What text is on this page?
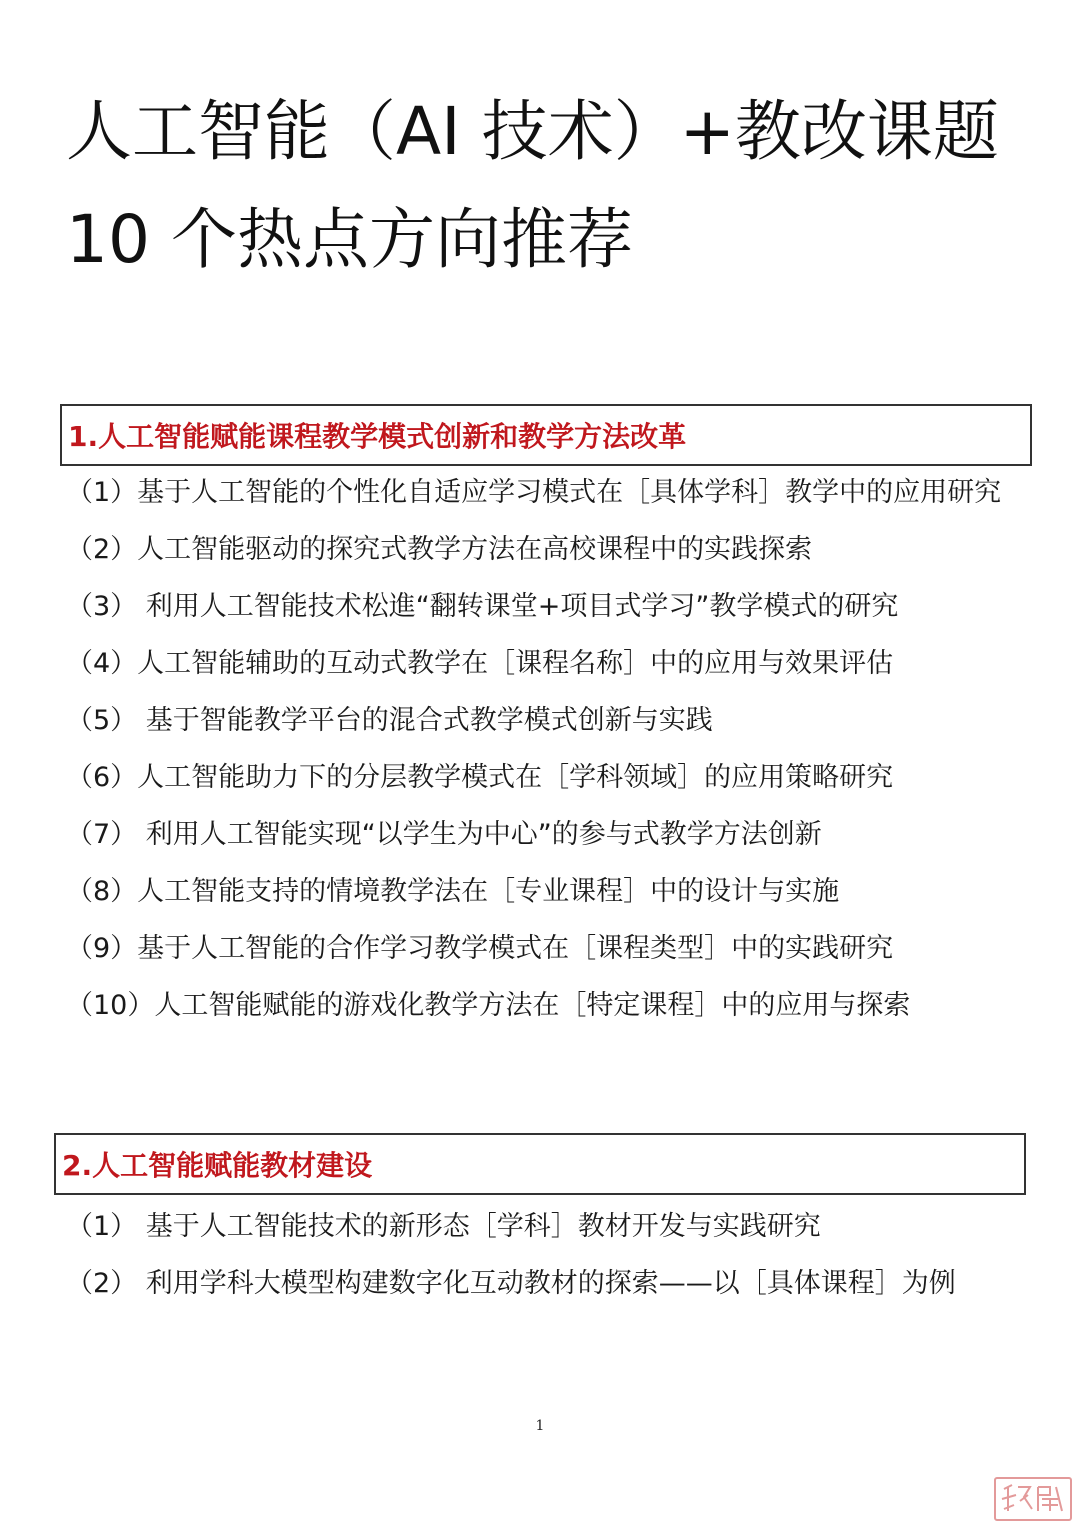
人工智能（AI 技术）+教改课题
10 个热点方向推荐
1.人工智能赋能课程教学模式创新和教学方法改革
（1）基于人工智能的个性化自适应学习模式在［具体学科］教学中的应用研究
（2）人工智能驱动的探究式教学方法在高校课程中的实践探索
（3） 利用人工智能技术松進“翻转课堂+项目式学习”教学模式的研究
（4）人工智能辅助的互动式教学在［课程名称］中的应用与效果评估
（5） 基于智能教学平台的混合式教学模式创新与实践
（6）人工智能助力下的分层教学模式在［学科领域］的应用策略研究
（7） 利用人工智能实现“以学生为中心”的参与式教学方法创新
（8）人工智能支持的情境教学法在［专业课程］中的设计与实施
（9）基于人工智能的合作学习教学模式在［课程类型］中的实践研究
（10）人工智能赋能的游戏化教学方法在［特定课程］中的应用与探索
2.人工智能赋能教材建设
（1） 基于人工智能技术的新形态［学科］教材开发与实践研究
（2） 利用学科大模型构建数字化互动教材的探索——以［具体课程］为例
1
